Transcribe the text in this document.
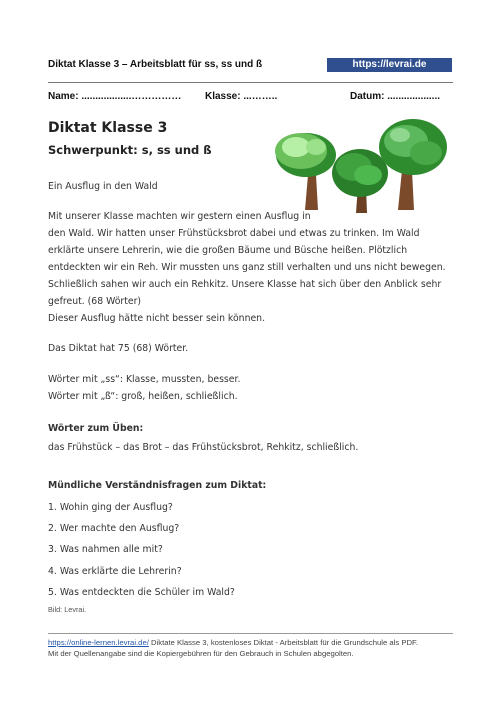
Diktat Klasse 3 – Arbeitsblatt für ss, ss und ß	https://levrai.de
Name: ..................…………… Klasse: ...……..	Datum: ...................
Diktat Klasse 3
Schwerpunkt: s, ss und ß
Ein Ausflug in den Wald
Mit unserer Klasse machten wir gestern einen Ausflug in
den Wald. Wir hatten unser Frühstücksbrot dabei und etwas zu trinken. Im Wald
erklärte unsere Lehrerin, wie die großen Bäume und Büsche heißen. Plötzlich
entdeckten wir ein Reh. Wir mussten uns ganz still verhalten und uns nicht bewegen.
Schließlich sahen wir auch ein Rehkitz. Unsere Klasse hat sich über den Anblick sehr
gefreut. (68 Wörter)
Dieser Ausflug hätte nicht besser sein können.
Das Diktat hat 75 (68) Wörter.
Wörter mit „ss“: Klasse, mussten, besser.
Wörter mit „ß“: groß, heißen, schließlich.
Wörter zum Üben:
das Frühstück – das Brot – das Frühstücksbrot, Rehkitz, schließlich.
Mündliche Verständnisfragen zum Diktat:
1. Wohin ging der Ausflug?
2. Wer machte den Ausflug?
3. Was nahmen alle mit?
4. Was erklärte die Lehrerin?
5. Was entdeckten die Schüler im Wald?
Bild: Levrai.
https://online-lernen.levrai.de/ Diktate Klasse 3, kostenloses Diktat - Arbeitsblatt für die Grundschule als PDF.
Mit der Quellenangabe sind die Kopiergebühren für den Gebrauch in Schulen abgegolten.
